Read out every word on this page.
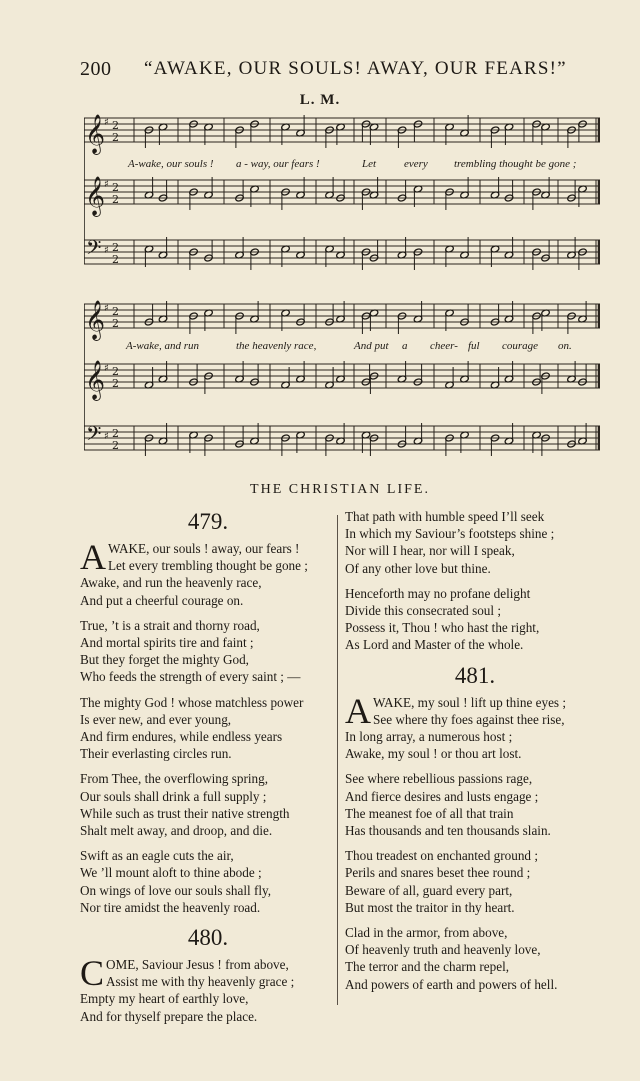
200 “AWAKE, OUR SOULS! AWAY, OUR FEARS!”
L. M.
𝄞
♯ 2
2
𝄞
♯ 2
2
𝄢 ♯ 2
2
A-wake, our souls ! a - way, our fears !	Let	every trembling thought be gone ;
𝄞
♯ 2
2
𝄞
♯ 2
2
𝄢 ♯ 2
2
A-wake, and run	the heavenly race,	And put a cheer- ful courage on.
THE CHRISTIAN LIFE.
479.
AWAKE, our souls ! away, our fears !
Let every trembling thought be gone ;
Awake, and run the heavenly race,
And put a cheerful courage on.
True, ’t is a strait and thorny road,
And mortal spirits tire and faint ;
But they forget the mighty God,
Who feeds the strength of every saint ; —
The mighty God ! whose matchless power
Is ever new, and ever young,
And firm endures, while endless years
Their everlasting circles run.
From Thee, the overflowing spring,
Our souls shall drink a full supply ;
While such as trust their native strength
Shalt melt away, and droop, and die.
Swift as an eagle cuts the air,
We ’ll mount aloft to thine abode ;
On wings of love our souls shall fly,
Nor tire amidst the heavenly road.
480.
COME, Saviour Jesus ! from above,
Assist me with thy heavenly grace ;
Empty my heart of earthly love,
And for thyself prepare the place.
That path with humble speed I’ll seek
In which my Saviour’s footsteps shine ;
Nor will I hear, nor will I speak,
Of any other love but thine.
Henceforth may no profane delight
Divide this consecrated soul ;
Possess it, Thou ! who hast the right,
As Lord and Master of the whole.
481.
AWAKE, my soul ! lift up thine eyes ;
See where thy foes against thee rise,
In long array, a numerous host ;
Awake, my soul ! or thou art lost.
See where rebellious passions rage,
And fierce desires and lusts engage ;
The meanest foe of all that train
Has thousands and ten thousands slain.
Thou treadest on enchanted ground ;
Perils and snares beset thee round ;
Beware of all, guard every part,
But most the traitor in thy heart.
Clad in the armor, from above,
Of heavenly truth and heavenly love,
The terror and the charm repel,
And powers of earth and powers of hell.
